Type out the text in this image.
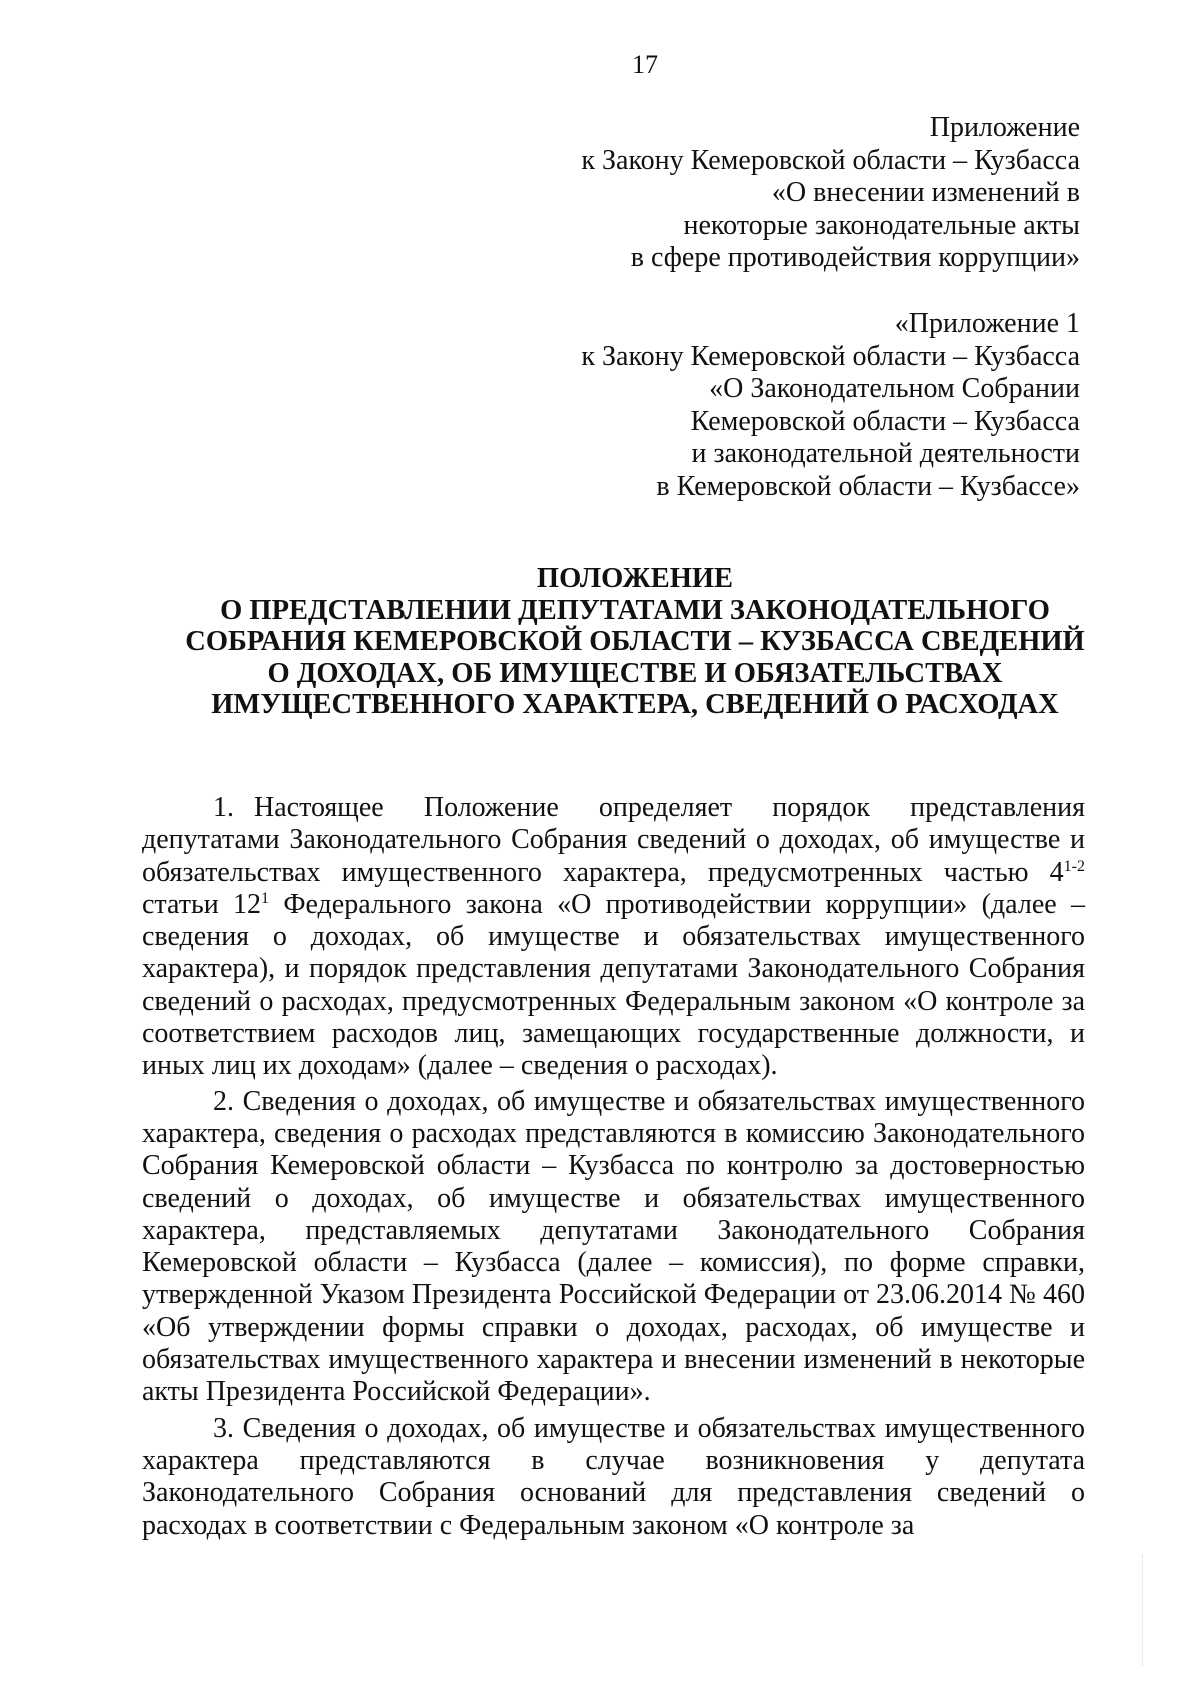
17
Приложение
к Закону Кемеровской области – Кузбасса
«О внесении изменений в
некоторые законодательные акты
в сфере противодействия коррупции»
«Приложение 1
к Закону Кемеровской области – Кузбасса
«О Законодательном Собрании
Кемеровской области – Кузбасса
и законодательной деятельности
в Кемеровской области – Кузбассе»
ПОЛОЖЕНИЕ
О ПРЕДСТАВЛЕНИИ ДЕПУТАТАМИ ЗАКОНОДАТЕЛЬНОГО
СОБРАНИЯ КЕМЕРОВСКОЙ ОБЛАСТИ – КУЗБАССА СВЕДЕНИЙ
О ДОХОДАХ, ОБ ИМУЩЕСТВЕ И ОБЯЗАТЕЛЬСТВАХ
ИМУЩЕСТВЕННОГО ХАРАКТЕРА, СВЕДЕНИЙ О РАСХОДАХ

1. Настоящее Положение определяет порядок представления депутатами Законодательного Собрания сведений о доходах, об имуществе и обязательствах имущественного характера, предусмотренных частью 4$^{1-2}$ статьи $12^1$ Федерального закона «О противодействии коррупции» (далее – сведения о доходах, об имуществе и обязательствах имущественного характера), и порядок представления депутатами Законодательного Собрания сведений о расходах, предусмотренных Федеральным законом «О контроле за соответствием расходов лиц, замещающих государственные должности, и иных лиц их доходам» (далее – сведения о расходах).

2. Сведения о доходах, об имуществе и обязательствах имущественного характера, сведения о расходах представляются в комиссию Законодательного Собрания Кемеровской области – Кузбасса по контролю за достоверностью сведений о доходах, об имуществе и обязательствах имущественного характера, представляемых депутатами Законодательного Собрания Кемеровской области – Кузбасса (далее – комиссия), по форме справки, утвержденной Указом Президента Российской Федерации от 23.06.2014 № 460 «Об утверждении формы справки о доходах, расходах, об имуществе и обязательствах имущественного характера и внесении изменений в некоторые акты Президента Российской Федерации».

3. Сведения о доходах, об имуществе и обязательствах имущественного характера представляются в случае возникновения у депутата Законодательного Собрания оснований для представления сведений о расходах в соответствии с Федеральным законом «О контроле за
